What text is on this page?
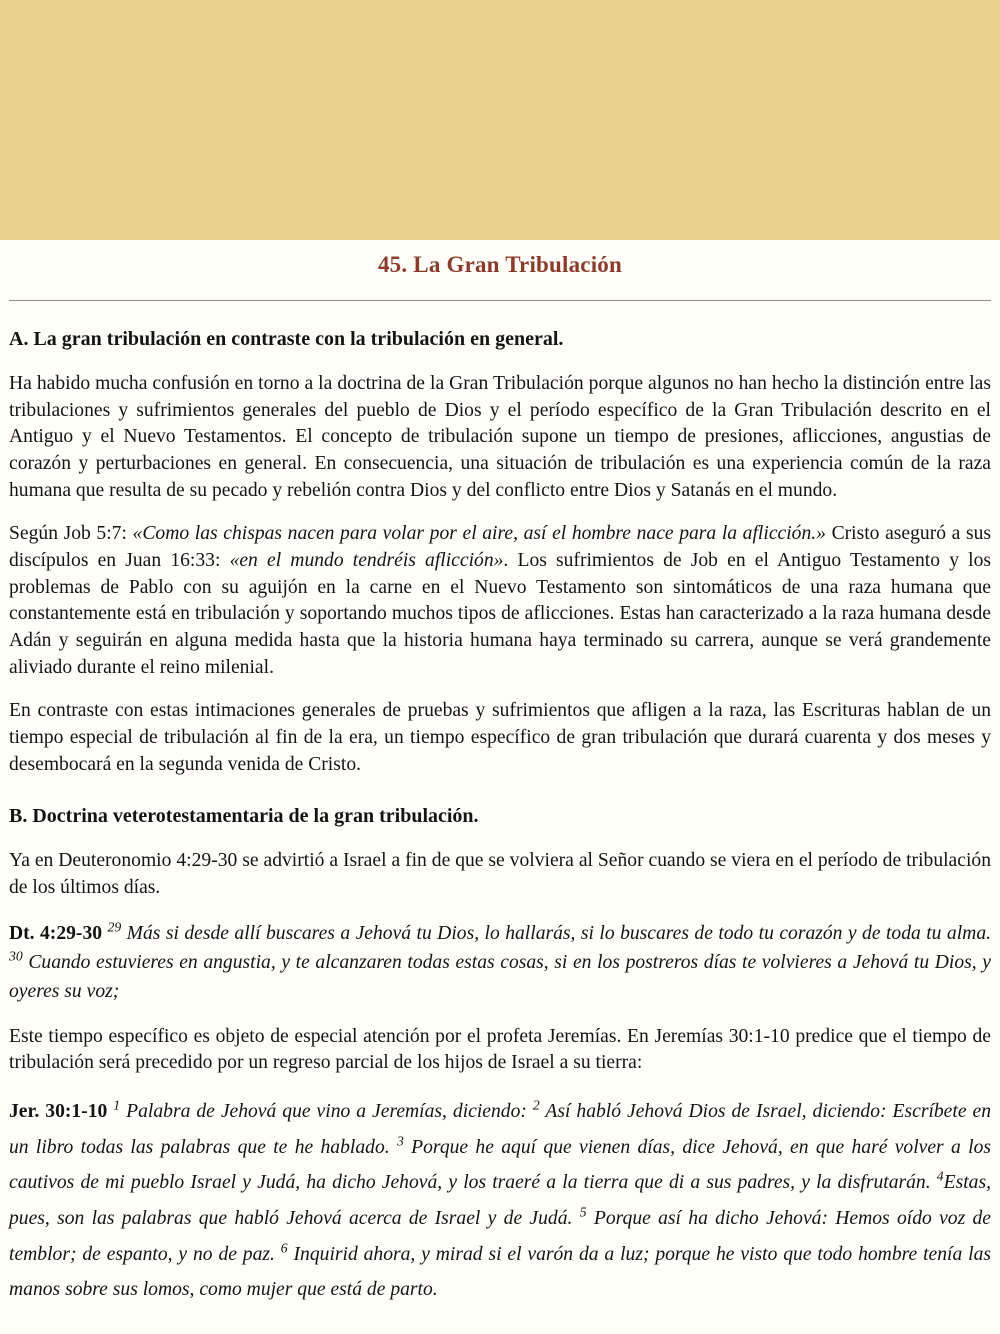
45. La Gran Tribulación

A. La gran tribulación en contraste con la tribulación en general.

Ha habido mucha confusión en torno a la doctrina de la Gran Tribulación porque algunos no han hecho la distinción entre las tribulaciones y sufrimientos generales del pueblo de Dios y el período específico de la Gran Tribulación descrito en el Antiguo y el Nuevo Testamentos. El concepto de tribulación supone un tiempo de presiones, aflicciones, angustias de corazón y perturbaciones en general. En consecuencia, una situación de tribulación es una experiencia común de la raza humana que resulta de su pecado y rebelión contra Dios y del conflicto entre Dios y Satanás en el mundo.

Según Job 5:7: «Como las chispas nacen para volar por el aire, así el hombre nace para la aflicción.» Cristo aseguró a sus discípulos en Juan 16:33: «en el mundo tendréis aflicción». Los sufrimientos de Job en el Antiguo Testamento y los problemas de Pablo con su aguijón en la carne en el Nuevo Testamento son sintomáticos de una raza humana que constantemente está en tribulación y soportando muchos tipos de aflicciones. Estas han caracterizado a la raza humana desde Adán y seguirán en alguna medida hasta que la historia humana haya terminado su carrera, aunque se verá grandemente aliviado durante el reino milenial.

En contraste con estas intimaciones generales de pruebas y sufrimientos que afligen a la raza, las Escrituras hablan de un tiempo especial de tribulación al fin de la era, un tiempo específico de gran tribulación que durará cuarenta y dos meses y desembocará en la segunda venida de Cristo.

B. Doctrina veterotestamentaria de la gran tribulación.

Ya en Deuteronomio 4:29-30 se advirtió a Israel a fin de que se volviera al Señor cuando se viera en el período de tribulación de los últimos días.

Dt. 4:29-30 $^{29}$ Más si desde allí buscares a Jehová tu Dios, lo hallarás, si lo buscares de todo tu corazón y de toda tu alma. $^{30}$ Cuando estuvieres en angustia, y te alcanzaren todas estas cosas, si en los postreros días te volvieres a Jehová tu Dios, y oyeres su voz;

Este tiempo específico es objeto de especial atención por el profeta Jeremías. En Jeremías 30:1-10 predice que el tiempo de tribulación será precedido por un regreso parcial de los hijos de Israel a su tierra:

Jer. 30:1-10 $^1$ Palabra de Jehová que vino a Jeremías, diciendo: $^2$ Así habló Jehová Dios de Israel, diciendo: Escríbete en un libro todas las palabras que te he hablado. $^3$ Porque he aquí que vienen días, dice Jehová, en que haré volver a los cautivos de mi pueblo Israel y Judá, ha dicho Jehová, y los traeré a la tierra que di a sus padres, y la disfrutarán. $^4$Estas, pues, son las palabras que habló Jehová acerca de Israel y de Judá. $^5$ Porque así ha dicho Jehová: Hemos oído voz de temblor; de espanto, y no de paz. $^6$ Inquirid ahora, y mirad si el varón da a luz; porque he visto que todo hombre tenía las manos sobre sus lomos, como mujer que está de parto.
